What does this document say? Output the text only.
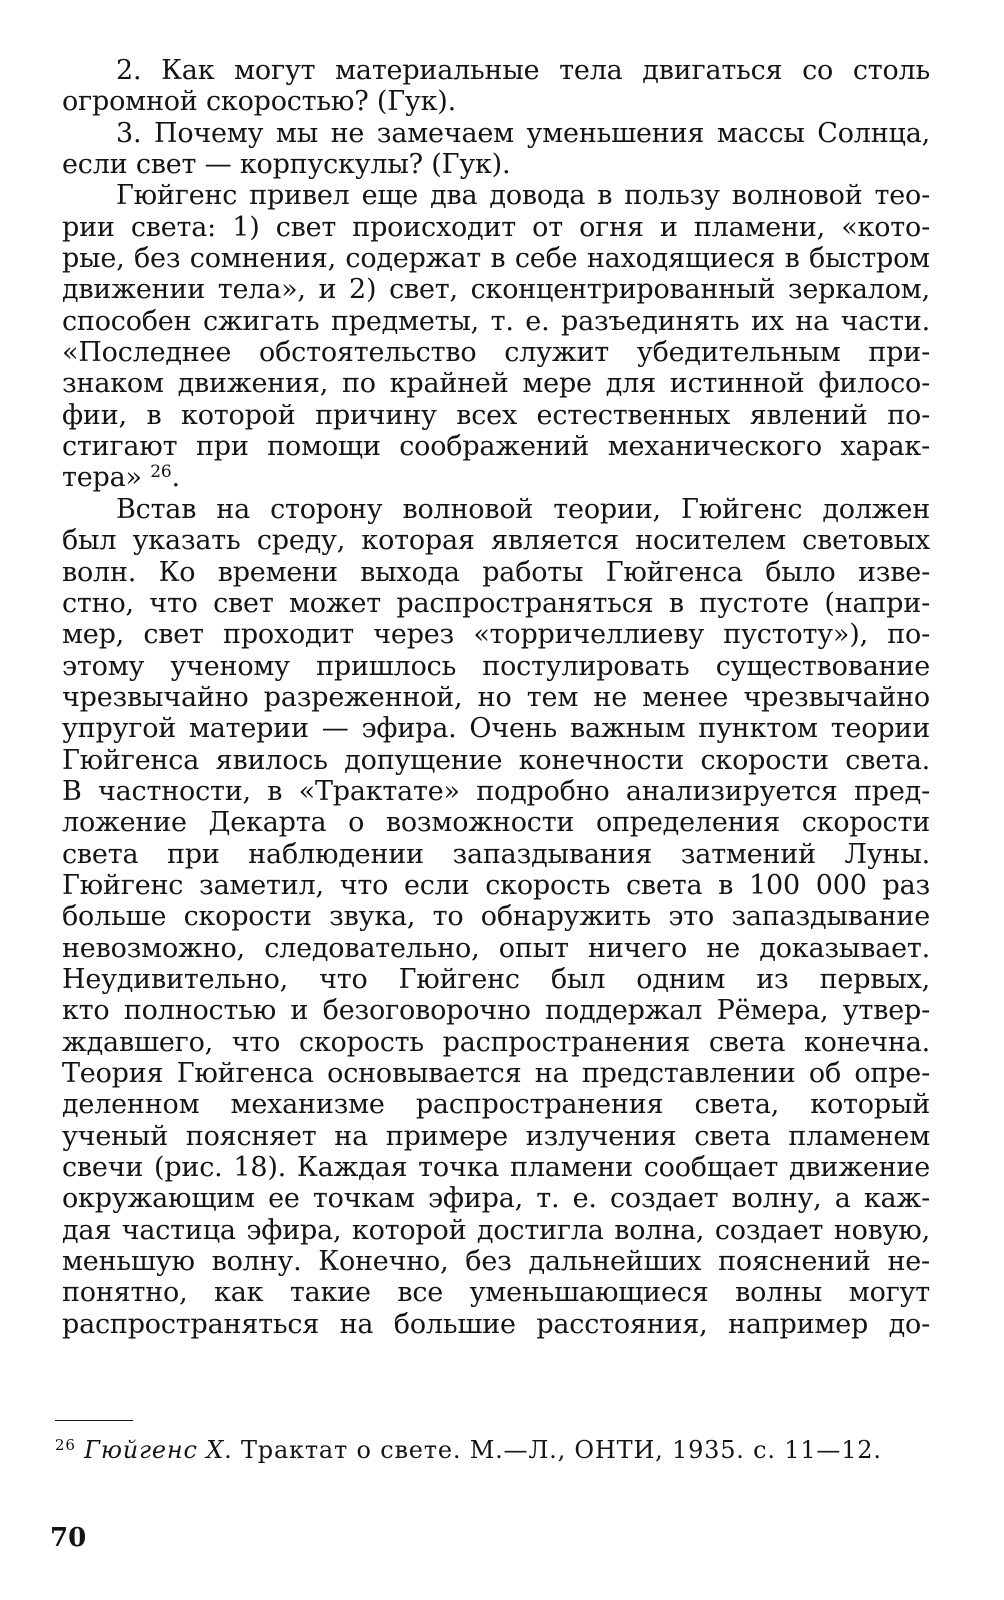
2. Как могут материальные тела двигаться со столь
огромной скоростью? (Гук).
3. Почему мы не замечаем уменьшения массы Солнца,
если свет — корпускулы? (Гук).
Гюйгенс привел еще два довода в пользу волновой тео-
рии света: 1) свет происходит от огня и пламени, «кото-
рые, без сомнения, содержат в себе находящиеся в быстром
движении тела», и 2) свет, сконцентрированный зеркалом,
способен сжигать предметы, т. е. разъединять их на части.
«Последнее обстоятельство служит убедительным при-
знаком движения, по крайней мере для истинной филосо-
фии, в которой причину всех естественных явлений по-
стигают при помощи соображений механического харак-
тера» $^{26}$.
Встав на сторону волновой теории, Гюйгенс должен
был указать среду, которая является носителем световых
волн. Ко времени выхода работы Гюйгенса было изве-
стно, что свет может распространяться в пустоте (напри-
мер, свет проходит через «торричеллиеву пустоту»), по-
этому ученому пришлось постулировать существование
чрезвычайно разреженной, но тем не менее чрезвычайно
упругой материи — эфира. Очень важным пунктом теории
Гюйгенса явилось допущение конечности скорости света.
В частности, в «Трактате» подробно анализируется пред-
ложение Декарта о возможности определения скорости
света при наблюдении запаздывания затмений Луны.
Гюйгенс заметил, что если скорость света в 100 000 раз
больше скорости звука, то обнаружить это запаздывание
невозможно, следовательно, опыт ничего не доказывает.
Неудивительно, что Гюйгенс был одним из первых,
кто полностью и безоговорочно поддержал Рёмера, утвер-
ждавшего, что скорость распространения света конечна.
Теория Гюйгенса основывается на представлении об опре-
деленном механизме распространения света, который
ученый поясняет на примере излучения света пламенем
свечи (рис. 18). Каждая точка пламени сообщает движение
окружающим ее точкам эфира, т. е. создает волну, а каж-
дая частица эфира, которой достигла волна, создает новую,
меньшую волну. Конечно, без дальнейших пояснений не-
понятно, как такие все уменьшающиеся волны могут
распространяться на большие расстояния, например до-
$^{26}$ Гюйгенс Х. Трактат о свете. М.—Л., ОНТИ, 1935. с. 11—12.
70
